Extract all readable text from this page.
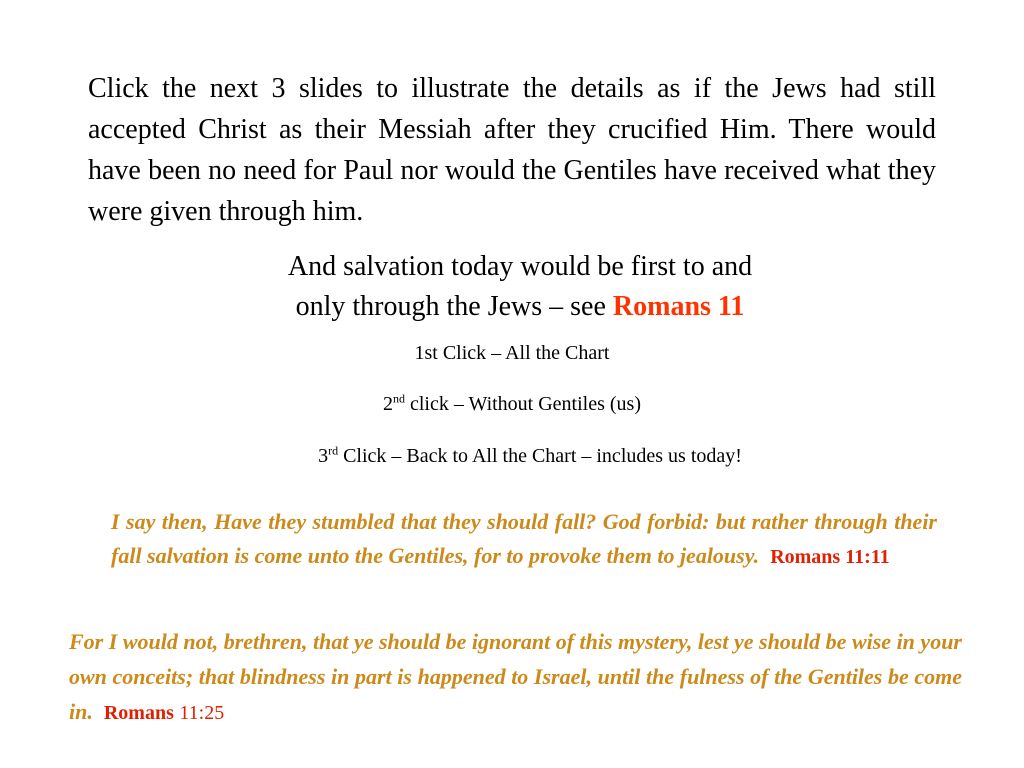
Click the next 3 slides to illustrate the details as if the Jews had still accepted Christ as their Messiah after they crucified Him. There would have been no need for Paul nor would the Gentiles have received what they were given through him.

And salvation today would be first to and
only through the Jews – see Romans 11

1st Click – All the Chart

2nd click – Without Gentiles (us)

3rd Click – Back to All the Chart – includes us today!

I say then, Have they stumbled that they should fall? God forbid: but rather through their fall salvation is come unto the Gentiles, for to provoke them to jealousy. Romans 11:11

For I would not, brethren, that ye should be ignorant of this mystery, lest ye should be wise in your own conceits; that blindness in part is happened to Israel, until the fulness of the Gentiles be come in. Romans 11:25
